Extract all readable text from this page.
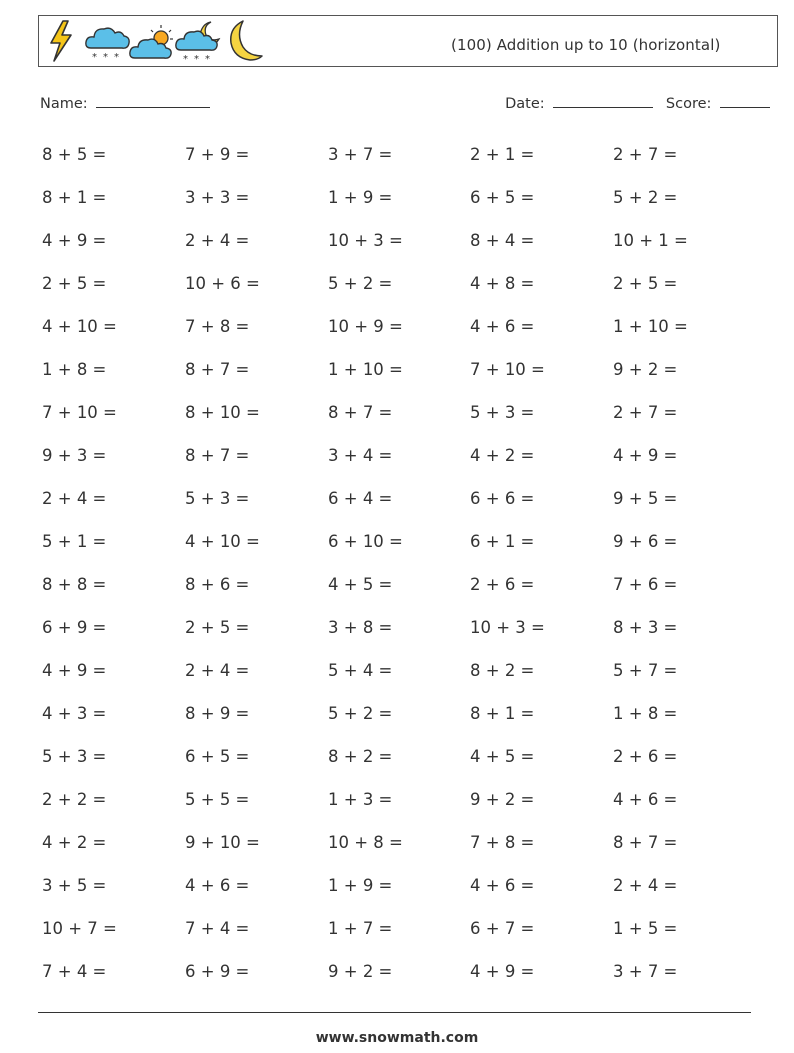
* * *	* * *
(100) Addition up to 10 (horizontal)
Name:	Date:	Score:
8 + 5 =	7 + 9 =	3 + 7 =	2 + 1 =	2 + 7 =
8 + 1 =	3 + 3 =	1 + 9 =	6 + 5 =	5 + 2 =
4 + 9 =	2 + 4 =	10 + 3 =	8 + 4 =	10 + 1 =
2 + 5 =	10 + 6 =	5 + 2 =	4 + 8 =	2 + 5 =
4 + 10 =	7 + 8 =	10 + 9 =	4 + 6 =	1 + 10 =
1 + 8 =	8 + 7 =	1 + 10 =	7 + 10 =	9 + 2 =
7 + 10 =	8 + 10 =	8 + 7 =	5 + 3 =	2 + 7 =
9 + 3 =	8 + 7 =	3 + 4 =	4 + 2 =	4 + 9 =
2 + 4 =	5 + 3 =	6 + 4 =	6 + 6 =	9 + 5 =
5 + 1 =	4 + 10 =	6 + 10 =	6 + 1 =	9 + 6 =
8 + 8 =	8 + 6 =	4 + 5 =	2 + 6 =	7 + 6 =
6 + 9 =	2 + 5 =	3 + 8 =	10 + 3 =	8 + 3 =
4 + 9 =	2 + 4 =	5 + 4 =	8 + 2 =	5 + 7 =
4 + 3 =	8 + 9 =	5 + 2 =	8 + 1 =	1 + 8 =
5 + 3 =	6 + 5 =	8 + 2 =	4 + 5 =	2 + 6 =
2 + 2 =	5 + 5 =	1 + 3 =	9 + 2 =	4 + 6 =
4 + 2 =	9 + 10 =	10 + 8 =	7 + 8 =	8 + 7 =
3 + 5 =	4 + 6 =	1 + 9 =	4 + 6 =	2 + 4 =
10 + 7 =	7 + 4 =	1 + 7 =	6 + 7 =	1 + 5 =
7 + 4 =	6 + 9 =	9 + 2 =	4 + 9 =	3 + 7 =
www.snowmath.com
